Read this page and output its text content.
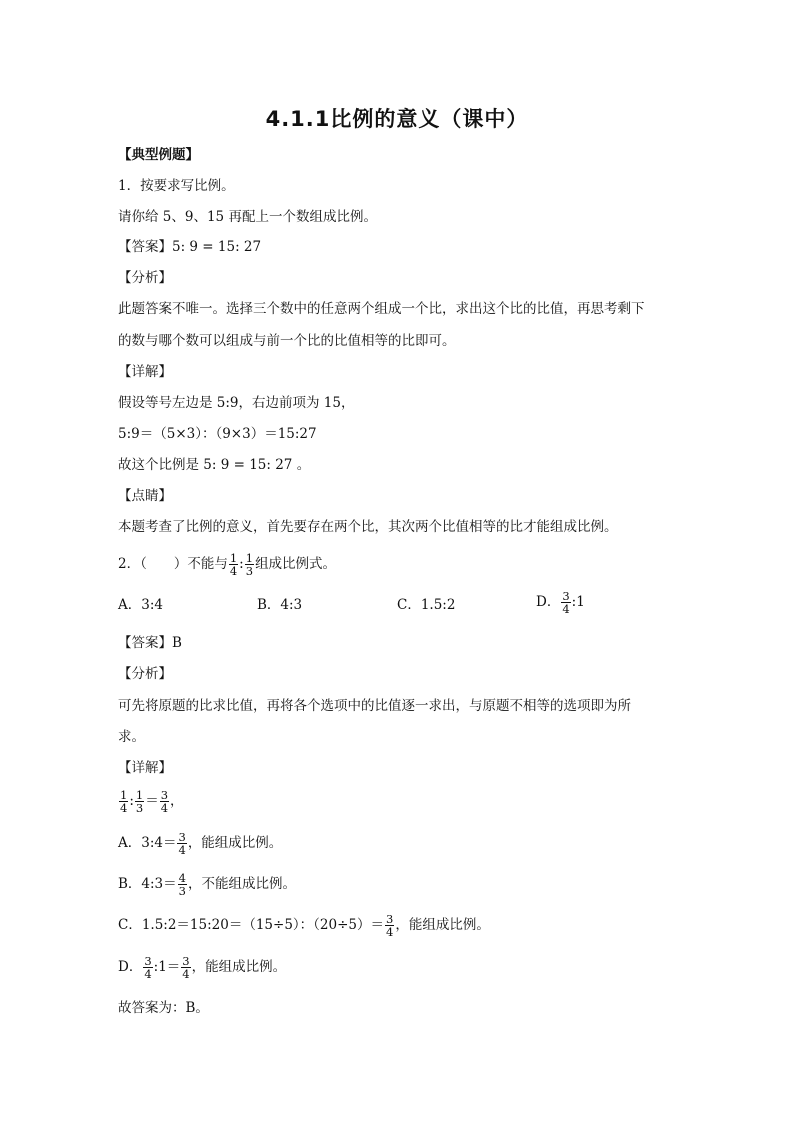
4.1.1比例的意义（课中）
【典型例题】
1．按要求写比例。
请你给 5、9、15 再配上一个数组成比例。
【答案】5: 9 = 15: 27
【分析】
此题答案不唯一。选择三个数中的任意两个组成一个比，求出这个比的比值，再思考剩下
的数与哪个数可以组成与前一个比的比值相等的比即可。
【详解】
假设等号左边是 5:9，右边前项为 15，
5:9＝（5×3）：（9×3）＝15:27
故这个比例是 5: 9 = 15: 27 。
【点睛】
本题考查了比例的意义，首先要存在两个比，其次两个比值相等的比才能组成比例。
2．（　　）不能与 $\frac{1}{4}$ : $\frac{1}{3}$ 组成比例式。
A．3:4	B．4:3	C．1.5:2	D． $\frac{3}{4}$ :1
【答案】B
【分析】
可先将原题的比求比值，再将各个选项中的比值逐一求出，与原题不相等的选项即为所
求。
【详解】
$\frac{1}{4}$ : $\frac{1}{3} = \frac{3}{4}$ ，
A．3:4＝ $\frac{3}{4}$ ，能组成比例。
B．4:3＝ $\frac{4}{3}$ ，不能组成比例。
C．1.5:2＝15:20＝（15÷5）：$(20\div 5)= \frac{3}{4}$ ，能组成比例。
D． $\frac{3}{4}$ :1＝ $\frac{3}{4}$ ，能组成比例。
故答案为：B。
